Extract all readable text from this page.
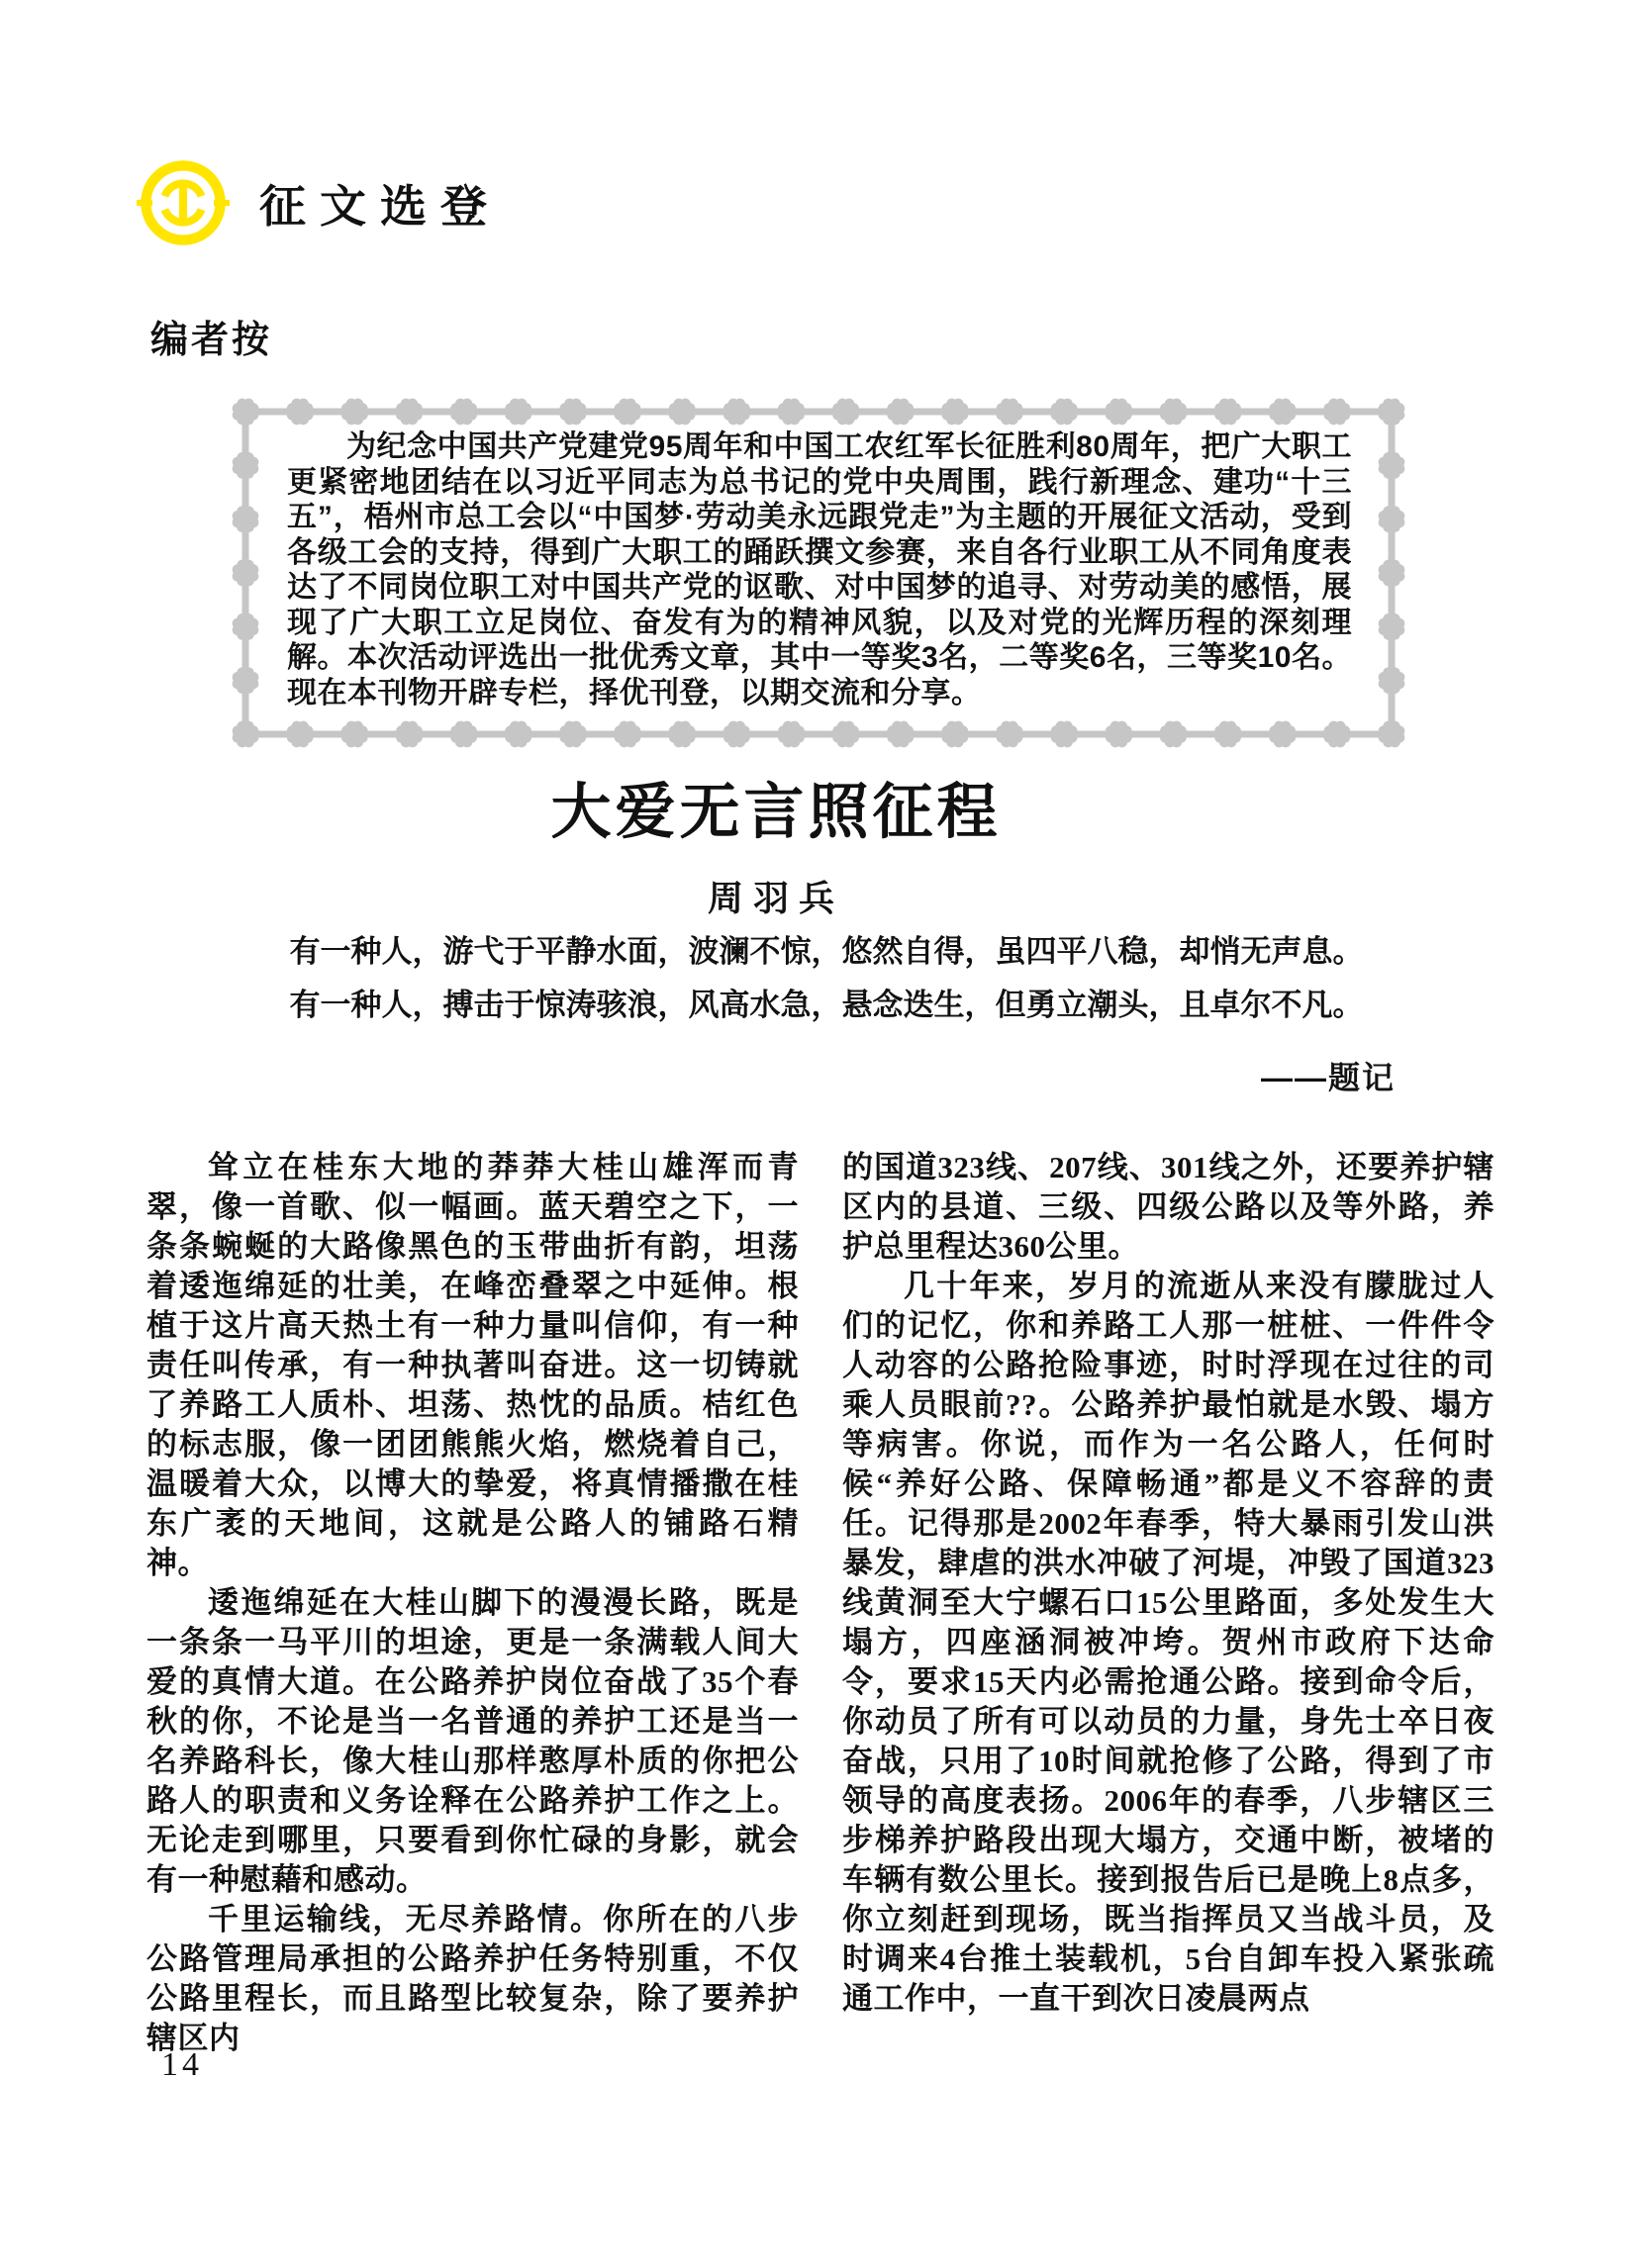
征文选登
编者按

为纪念中国共产党建党95周年和中国工农红军长征胜利80周年，把广大职工更紧密地团结在以习近平同志为总书记的党中央周围，践行新理念、建功“十三五”，梧州市总工会以“中国梦·劳动美永远跟党走”为主题的开展征文活动，受到各级工会的支持，得到广大职工的踊跃撰文参赛，来自各行业职工从不同角度表达了不同岗位职工对中国共产党的讴歌、对中国梦的追寻、对劳动美的感悟，展现了广大职工立足岗位、奋发有为的精神风貌，以及对党的光辉历程的深刻理解。本次活动评选出一批优秀文章，其中一等奖3名，二等奖6名，三等奖10名。现在本刊物开辟专栏，择优刊登，以期交流和分享。

大爱无言照征程
周羽兵

有一种人，游弋于平静水面，波澜不惊，悠然自得，虽四平八稳，却悄无声息。

有一种人，搏击于惊涛骇浪，风高水急，悬念迭生，但勇立潮头，且卓尔不凡。

——题记

耸立在桂东大地的莽莽大桂山雄浑而青翠，像一首歌、似一幅画。蓝天碧空之下，一条条蜿蜒的大路像黑色的玉带曲折有韵，坦荡着逶迤绵延的壮美，在峰峦叠翠之中延伸。根植于这片高天热土有一种力量叫信仰，有一种责任叫传承，有一种执著叫奋进。这一切铸就了养路工人质朴、坦荡、热忱的品质。桔红色的标志服，像一团团熊熊火焰，燃烧着自己，温暖着大众，以博大的挚爱，将真情播撒在桂东广袤的天地间，这就是公路人的铺路石精神。

逶迤绵延在大桂山脚下的漫漫长路，既是一条条一马平川的坦途，更是一条满载人间大爱的真情大道。在公路养护岗位奋战了35个春秋的你，不论是当一名普通的养护工还是当一名养路科长，像大桂山那样憨厚朴质的你把公路人的职责和义务诠释在公路养护工作之上。无论走到哪里，只要看到你忙碌的身影，就会有一种慰藉和感动。

千里运输线，无尽养路情。你所在的八步公路管理局承担的公路养护任务特别重，不仅公路里程长，而且路型比较复杂，除了要养护辖区内

的国道323线、207线、301线之外，还要养护辖区内的县道、三级、四级公路以及等外路，养护总里程达360公里。

几十年来，岁月的流逝从来没有朦胧过人们的记忆，你和养路工人那一桩桩、一件件令人动容的公路抢险事迹，时时浮现在过往的司乘人员眼前??。公路养护最怕就是水毁、塌方等病害。你说，而作为一名公路人，任何时候“养好公路、保障畅通”都是义不容辞的责任。记得那是2002年春季，特大暴雨引发山洪暴发，肆虐的洪水冲破了河堤，冲毁了国道323线黄洞至大宁螺石口15公里路面，多处发生大塌方，四座涵洞被冲垮。贺州市政府下达命令，要求15天内必需抢通公路。接到命令后，你动员了所有可以动员的力量，身先士卒日夜奋战，只用了10时间就抢修了公路，得到了市领导的高度表扬。2006年的春季，八步辖区三步梯养护路段出现大塌方，交通中断，被堵的车辆有数公里长。接到报告后已是晚上8点多，你立刻赶到现场，既当指挥员又当战斗员，及时调来4台推土装载机，5台自卸车投入紧张疏通工作中，一直干到次日凌晨两点

14
